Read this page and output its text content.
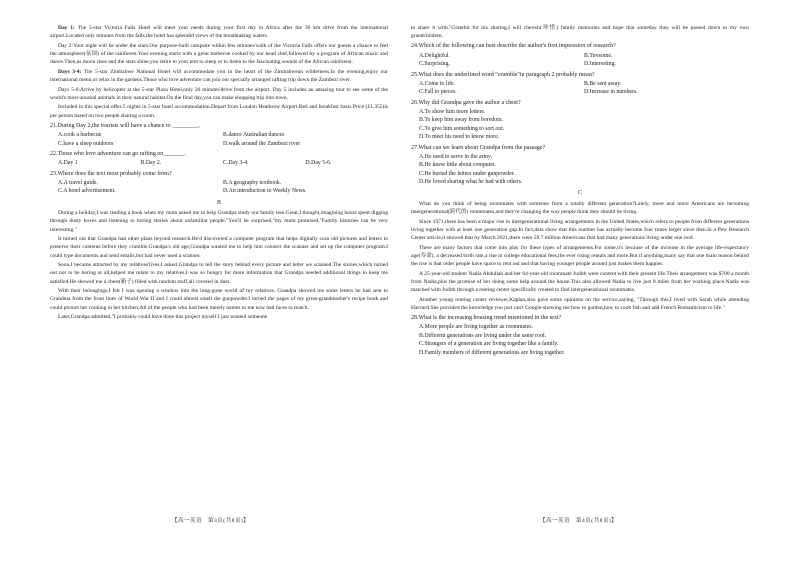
Day 1: The 5-star Victoria Falls Hotel will meet your needs during your first day in Africa after the 30 km drive from the international airport.Located only minutes from the falls,the hotel has splendid views of the breathtaking waters.

Day 2:Your night will be under the stars.Our purpose-built campsite within few minutes'walk of the Victoria Falls offers our guests a chance to feel the atmosphere(氛围) of the rainforest.Your evening starts with a great barbecue cooked by our head chef,followed by a program of African music and dance.Then,as moon rises and the stars shine,you retire to your tent to sleep or to listen to the fascinating sounds of the African rainforest.

Days 3-4: The 5-star Zimbabwe National Hotel will accommodate you in the heart of the Zimbabwean wilderness.In the evening,enjoy our international menu,or relax in the gardens.Those who love adventure can join our specially arranged rafting trip down the Zambezi river.

Days 5-6:Arrive by helicopter at the 5-star Plaza Hotel,only 20 minutes'drive from the airport. Day 5 includes an amazing tour to see some of the world's most unusual animals in their natural habitat.On the final day,you can make shopping trip into town.

Included in this special offer:5 nights in 5-star hotel accommodation.Depart from London Heathrow Airport.Bed and breakfast basis.Price (£1,355)is per person based on two people sharing a room.

21.During Day 2,the tourists will have a chance to _________.
A.cook a barbecue	B.dance Australian dances
C.have a sleep outdoors	D.walk around the Zambezi river
22.Those who love adventure can go rafting on_______.
A.Day 1	B.Day 2.	C.Day 3-4.	D.Day 5-6.
23.Where does the text most probably come from?
A.A travel guide.	B.A geography textbook.
C.A hotel advertisement.	D.An introduction to Weekly News.
B

During a holiday,I was reading a book when my mum asked me to help Grandpa study our family tree.Great,I thought,imagining hours spent digging through dusty boxes and listening to boring stories about unfamiliar people."You'll be surprised,"my mum promised,"Family histories can be very interesting."

It turned out that Grandpa had other plans beyond research.He'd discovered a computer program that helps digitally scan old pictures and letters to preserve their contents before they crumble.Grandpa's old age,Grandpa wanted me to help him connect the scanner and set up the computer program.I could type documents and send emails,but had never used a scanner.

Soon,I became attracted by my relatives'lives.I asked Grandpa to tell the story behind every picture and letter we scanned.The stories,which turned out not to be boring at all,helped me relate to my relatives.I was so hungry for more information that Grandpa needed additional things to keep me satisfied.He showed me a chest(箱子) filled with random stuff,all covered in dust.

With their belongings,I felt I was opening a window into the long-gone world of my relatives. Grandpa showed me some letters he had sent to Grandma from the front lines of World War II and I could almost smell the gunpowder.I turned the pages of my great-grandmother's recipe book and could picture her cooking in her kitchen.All of the people who had been merely names to me now had faces to match.

Later,Grandpa admitted,"I probably could have done this project myself.I just wanted someone

【高一英语　第3页(共8页)】

to share it with."Grateful for his sharing,I will cherish(珍惜) family memories and hope that someday they will be passed down to my own grandchildren.

24.Which of the following can best describe the author's first impression of research?
A.Delightful.	B.Tiresome.
C.Surprising.	D.Interesting.
25.What does the underlined word "crumble"in paragraph 2 probably mean?
A.Come to life.	B.Be sent away.
C.Fall to pieces.	D.Increase in numbers.
26.Why did Grandpa gave the author a chest?
A.To show him more letters.
B.To keep him away from boredom.
C.To give him something to sort out.
D.To meet his need to know more.
27.What can we learn about Grandpa from the passage?
A.He used to serve in the army.
B.He knew little about computer.
C.He buried the letters under gunpowder.
D.He loved sharing what he had with others.
C

What do you think of being roommates with someone from a totally different generation?Lately, more and more Americans are becoming intergenerational(跨代的) roommates,and they're changing the way people think they should be living.

Since 1971,there has been a major rise in intergenerational living arrangements in the United States,which refers to people from different generations living together with at least one generation gap.In fact,data show that this number has actually become four times larger since then.In a Pew Research Center article,it showed that by March 2021,there were 59.7 million Americans that had many generations living under one roof.

There are many factors that come into play for these types of arrangements.For some,it's because of the increase in the average life-expectancy age(寿命), a decreased birth rate,a rise in college educational fees,the ever rising rentals and more.But if anything,many say that one main reason behind the rise is that older people have space to rent out and that having younger people around just makes them happier.

A 25-year-old student Nadia Abdullah and her 64-year-old roommate Judith were content with their present life.Their arrangement was $700 a month from Nadia,plus the promise of her doing some help around the house.This also allowed Nadia to live just 8 miles from her working place.Nadia was matched with Judith through a renting center specifically created to find intergenerational roommates.

Another young renting center reviewer,Kaplan,also gave some opinions on the service,saying, "Through this,I lived with Sarah while attending Harvard.She provided the knowledge you just can't Google-showing me how to garden,how to cook fish and add French Romanticism to life."

28.What is the increasing housing trend mentioned in the text?
A.More people are living together as roommates.
B.Different generations are living under the same roof.
C.Strangers of a generation are living together like a family.
D.Family members of different generations are living together.
【高一英语　第4页(共8页)】
